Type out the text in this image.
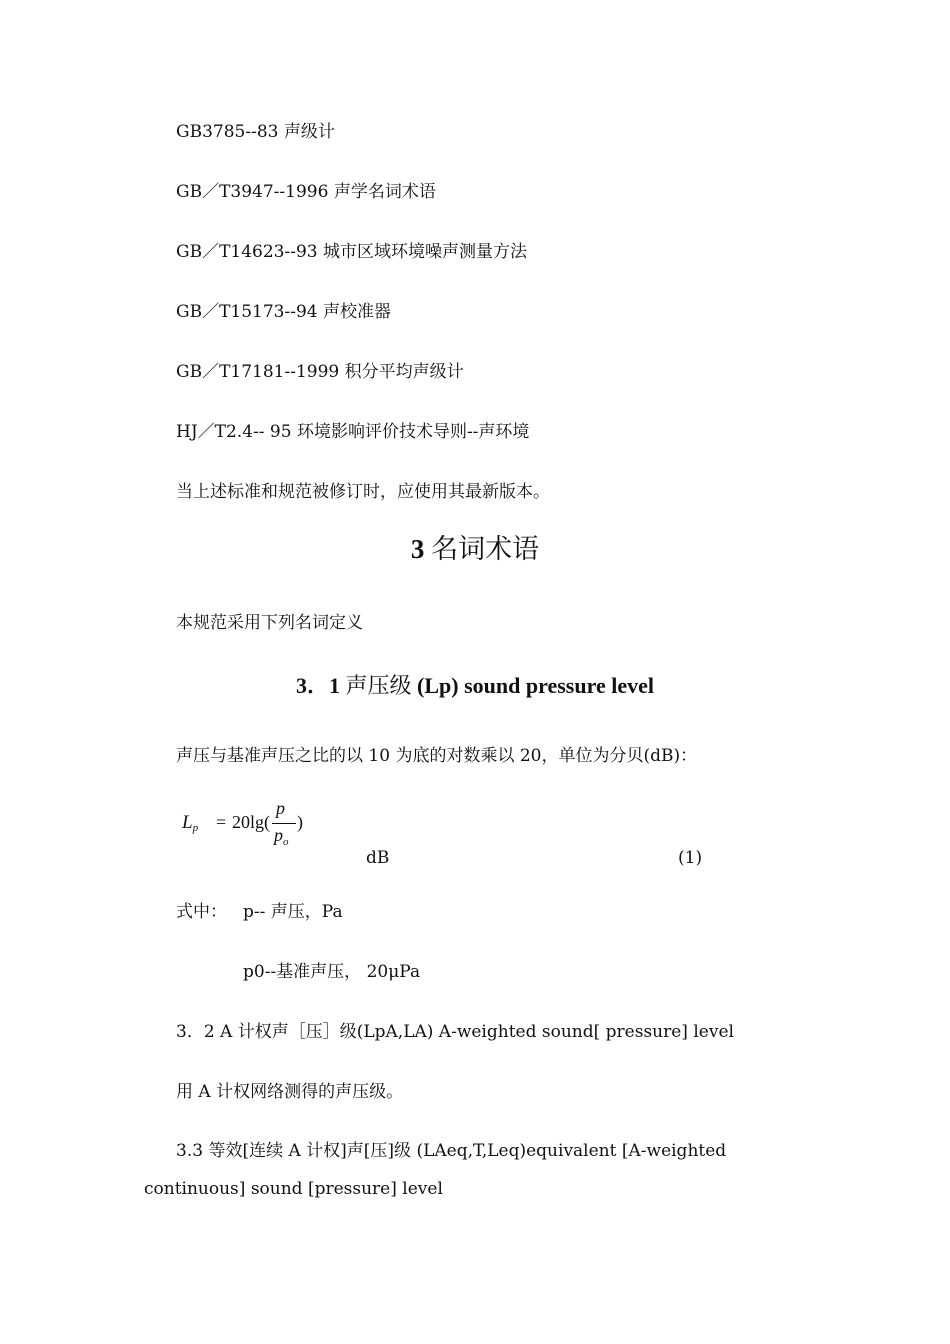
GB3785--83 声级计
GB／T3947--1996 声学名词术语
GB／T14623--93 城市区域环境噪声测量方法
GB／T15173--94 声校准器
GB／T17181--1999 积分平均声级计
HJ／T2.4-- 95 环境影响评价技术导则--声环境
当上述标准和规范被修订时，应使用其最新版本。
3 名词术语
本规范采用下列名词定义
3．1 声压级 (Lp) sound pressure level
声压与基准声压之比的以 10 为底的对数乘以 20，单位为分贝(dB)：
$L_p = 20\lg$ (
p
$p_o$
)
dB	(1)
式中： p-- 声压，Pa
p0--基准声压， 20μPa
3．2 A 计权声［压］级(LpA,LA) A-weighted sound[ pressure] level
用 A 计权网络测得的声压级。
3.3 等效[连续 A 计权]声[压]级 (LAeq,T,Leq)equivalent [A-weighted
continuous] sound [pressure] level
